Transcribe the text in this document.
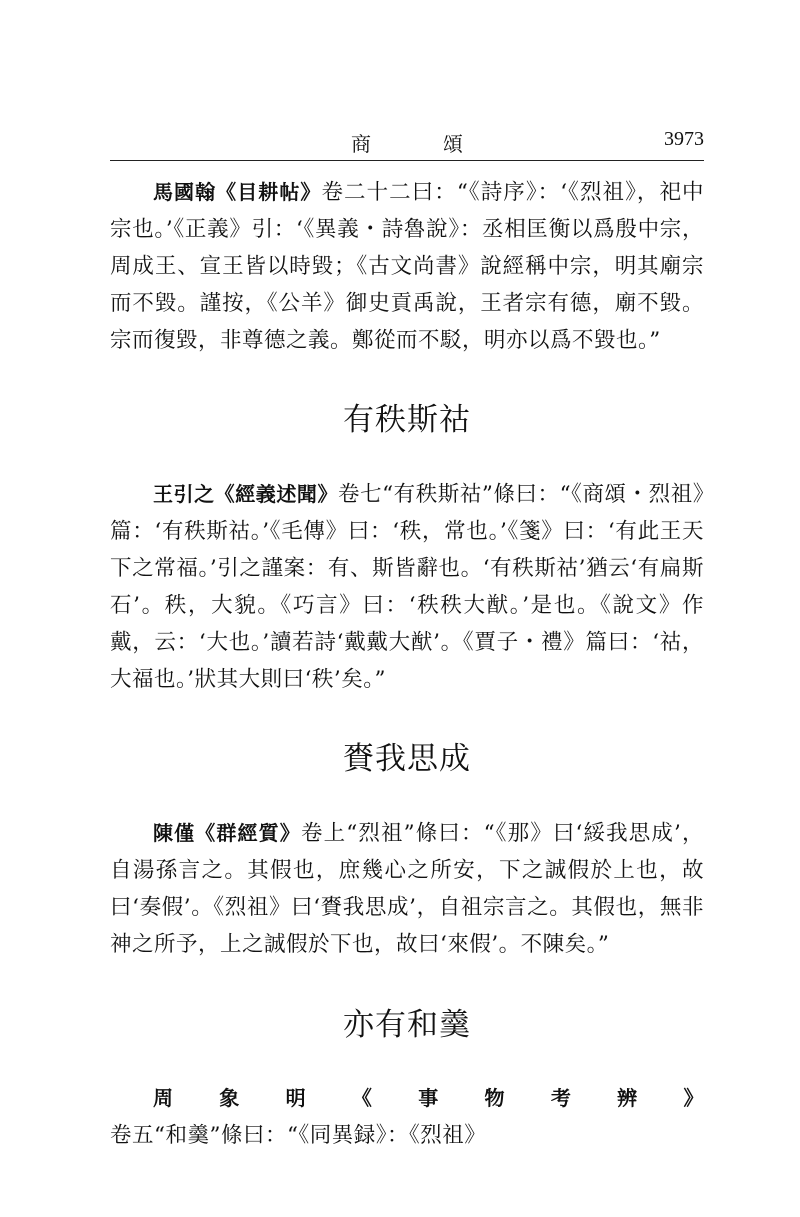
商　頌	3973

馬國翰《目耕帖》卷二十二曰：“《詩序》：‘《烈祖》，祀中宗也。’《正義》引：‘《異義・詩魯說》：丞相匡衡以爲殷中宗，周成王、宣王皆以時毀；《古文尚書》說經稱中宗，明其廟宗而不毀。謹按，《公羊》御史貢禹說，王者宗有德，廟不毀。宗而復毀，非尊德之義。鄭從而不駁，明亦以爲不毀也。”

有秩斯祜

王引之《經義述聞》卷七“有秩斯祜”條曰：“《商頌・烈祖》篇：‘有秩斯祜。’《毛傳》曰：‘秩，常也。’《箋》曰：‘有此王天下之常福。’引之謹案：有、斯皆辭也。‘有秩斯祜’猶云‘有扁斯石’。秩，大貌。《巧言》曰：‘秩秩大猷。’是也。《說文》作戴，云：‘大也。’讀若詩‘戴戴大猷’。《賈子・禮》篇曰：‘祜，大福也。’狀其大則曰‘秩’矣。”

賚我思成

陳僅《群經質》卷上“烈祖”條曰：“《那》曰‘綏我思成’，自湯孫言之。其假也，庶幾心之所安，下之誠假於上也，故曰‘奏假’。《烈祖》曰‘賚我思成’，自祖宗言之。其假也，無非神之所予，上之誠假於下也，故曰‘來假’。不陳矣。”

亦有和羹

周象明《事物考辨》卷五“和羹”條曰：“《同異録》：《烈祖》
